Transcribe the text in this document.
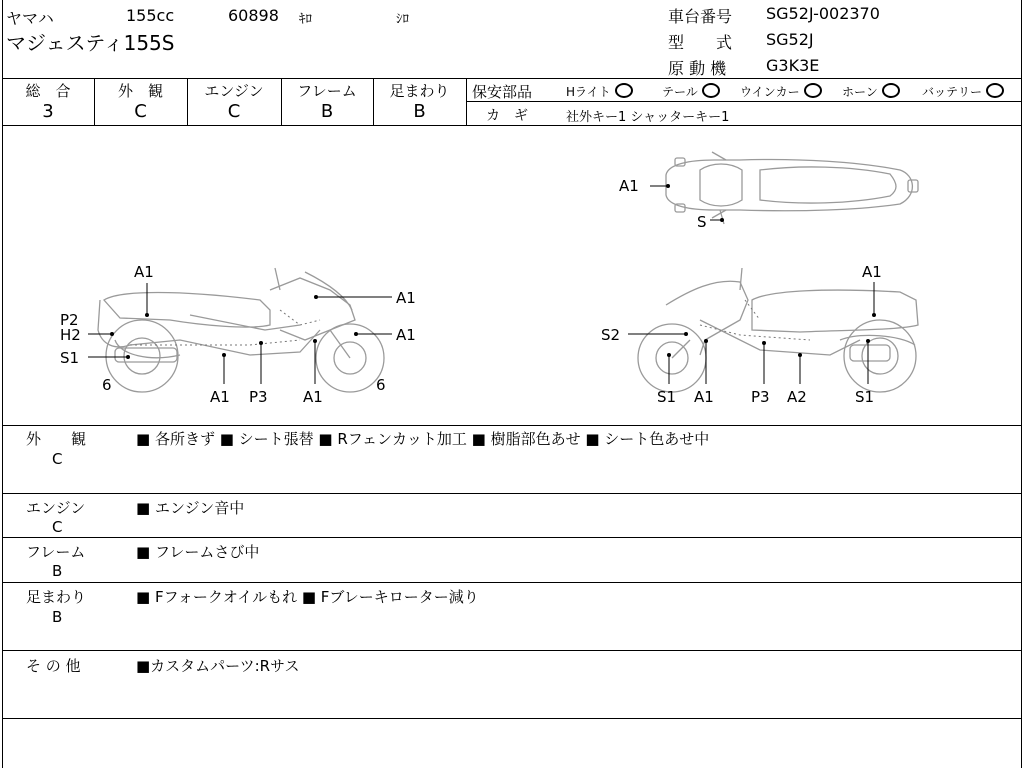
ヤマハ	155cc	60898 ｷﾛ	ｼﾛ
マジェスティ155S
車台番号 SG52J-002370
型　　式 SG52J
原 動 機 G3K3E
総　合
3
外　観
C
エンジン
C
フレーム
B
足まわり
B
保安部品	Hライト	テール	ウインカー	ホーン	バッテリー
カ　ギ	社外キー1 シャッターキー1
A1
S
A1
A1
A1
P2
H2
S1
6
A1 P3 A1
6
A1
S2
S1 A1 P3 A2	S1
外　　観
C
■ 各所きず ■ シート張替 ■ Rフェンカット加工 ■ 樹脂部色あせ ■ シート色あせ中
エンジン
C
■ エンジン音中
フレーム
B
■ フレームさび中
足まわり
B
■ Fフォークオイルもれ ■ Fブレーキローター減り
そ の 他	■カスタムパーツ:Rサス
